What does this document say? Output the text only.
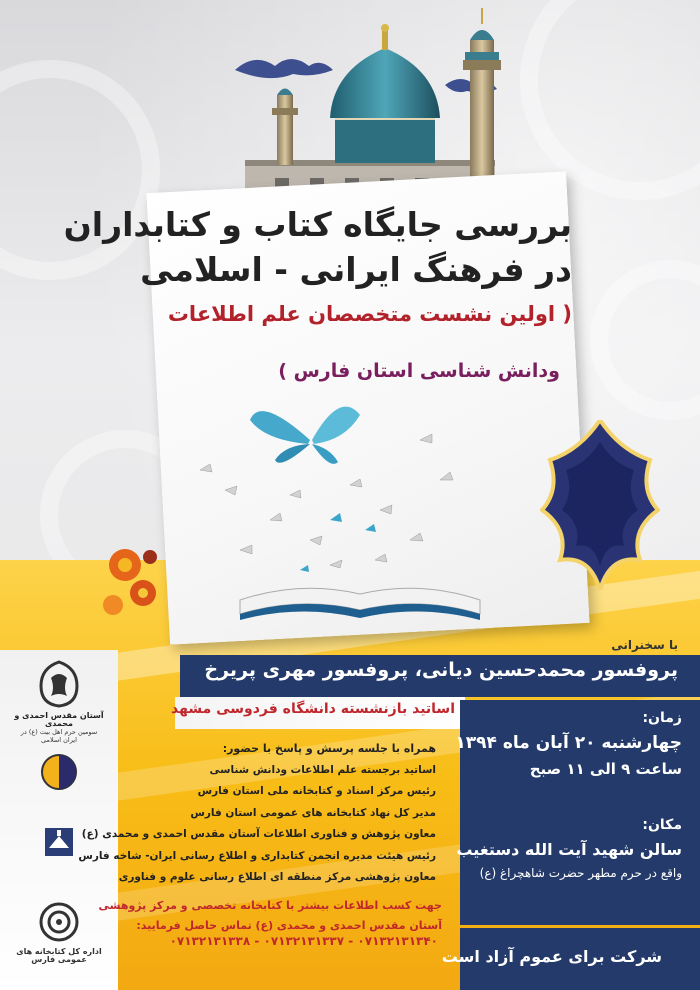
بررسی جایگاه کتاب و کتابداران
در فرهنگ ایرانی - اسلامی
( اولین نشست متخصصان علم اطلاعات
ودانش شناسی استان فارس )
با سخنرانی
پروفسور محمدحسین دیانی، پروفسور مهری پریرخ
اساتید بازنشسته دانشگاه فردوسی مشهد
همراه با جلسه پرسش و پاسخ با حضور:
اساتید برجسته علم اطلاعات ودانش شناسی
رئیس مرکز اسناد و کتابخانه ملی استان فارس
مدیر کل نهاد کتابخانه های عمومی استان فارس
معاون پژوهش و فناوری اطلاعات آستان مقدس احمدی و محمدی (ع)
رئیس هیئت مدیره انجمن کتابداری و اطلاع رسانی ایران- شاخه فارس
معاون پژوهشی مرکز منطقه ای اطلاع رسانی علوم و فناوری
جهت کسب اطلاعات بیشتر با کتابخانه تخصصی و مرکز پژوهشی
آستان مقدس احمدی و محمدی (ع) تماس حاصل فرمایید:
۰۷۱۳۲۱۳۱۳۴۰ - ۰۷۱۳۲۱۳۱۳۳۷ - ۰۷۱۳۲۱۳۱۳۳۸
زمان:
چهارشنبه ۲۰ آبان ماه ۱۳۹۴
ساعت ۹ الی ۱۱ صبح
مکان:
سالن شهید آیت الله دستغیب
واقع در حرم مطهر حضرت شاهچراغ (ع)
شرکت برای عموم آزاد است
آستان مقدس احمدی و محمدی
سومین حرم اهل بیت (ع) در ایران اسلامی
اداره کل کتابخانه های عمومی فارس
